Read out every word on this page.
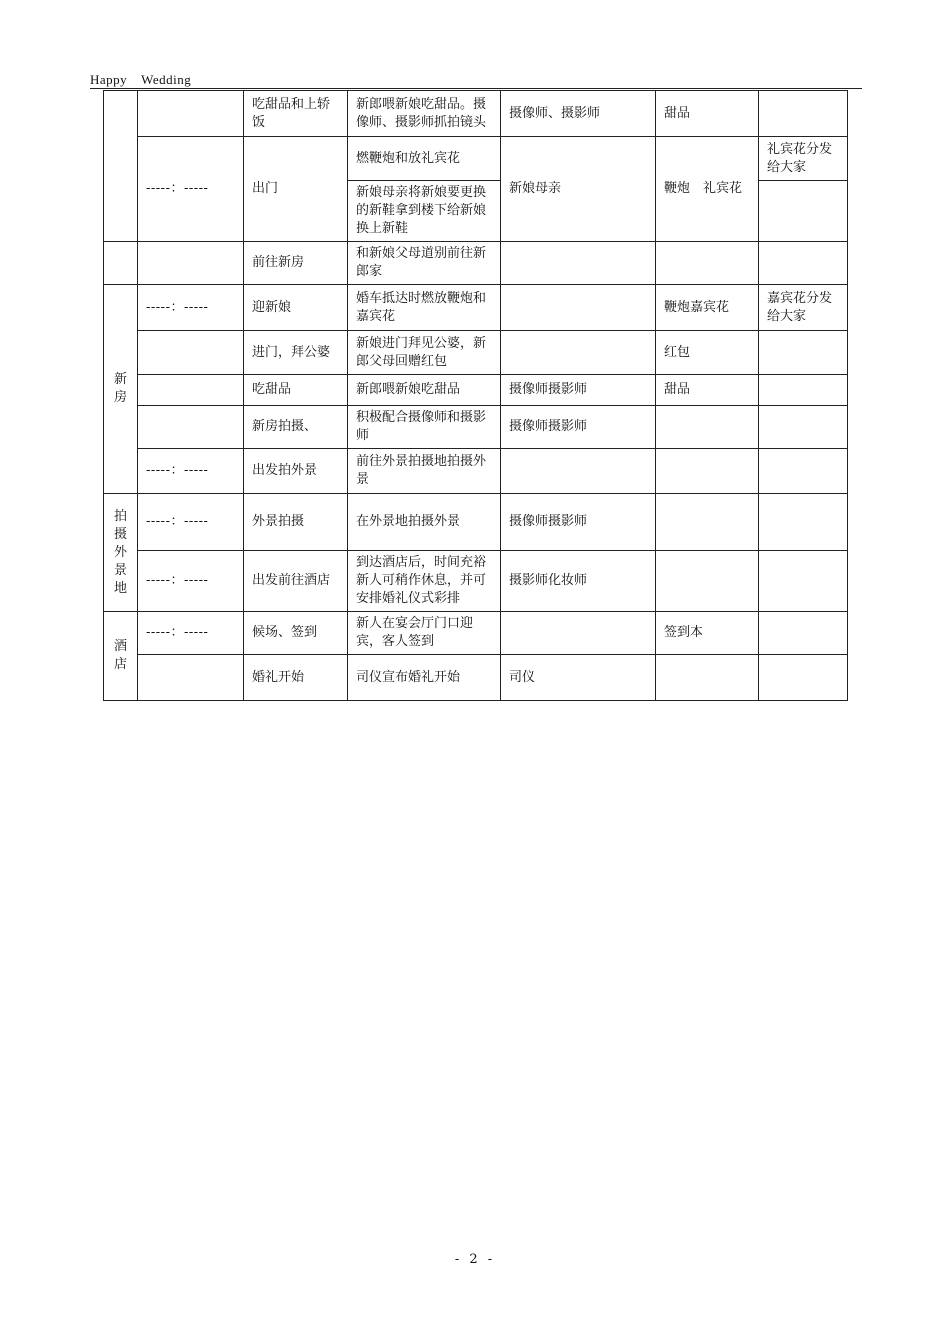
Happy Wedding
		吃甜品和上轿饭	新郎喂新娘吃甜品。摄像师、摄影师抓拍镜头	摄像师、摄影师	甜品	
	-----：-----	出门	燃鞭炮和放礼宾花	新娘母亲	鞭炮　礼宾花	礼宾花分发给大家
			新娘母亲将新娘要更换的新鞋拿到楼下给新娘换上新鞋			
		前往新房	和新娘父母道别前往新郎家			
新房	-----：-----	迎新娘	婚车抵达时燃放鞭炮和嘉宾花		鞭炮嘉宾花	嘉宾花分发给大家
		进门，拜公婆	新娘进门拜见公婆，新郎父母回赠红包		红包	
		吃甜品	新郎喂新娘吃甜品	摄像师摄影师	甜品	
		新房拍摄、	积极配合摄像师和摄影师	摄像师摄影师		
	-----：-----	出发拍外景	前往外景拍摄地拍摄外景			
拍摄外景地	-----：-----	外景拍摄	在外景地拍摄外景	摄像师摄影师		
	-----：-----	出发前往酒店	到达酒店后，时间充裕新人可稍作休息，并可安排婚礼仪式彩排	摄影师化妆师		
酒店	-----：-----	候场、签到	新人在宴会厅门口迎宾，客人签到		签到本	
		婚礼开始	司仪宣布婚礼开始	司仪		
- 2 -
